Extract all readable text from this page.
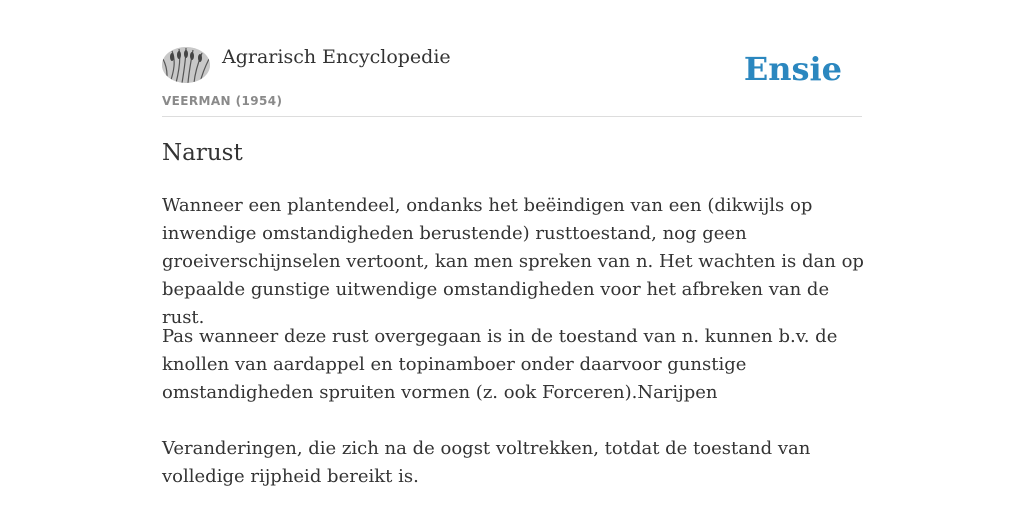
Agrarisch Encyclopedie
VEERMAN (1954)
Ensie
Narust

Wanneer een plantendeel, ondanks het beëindigen van een (dikwijls op inwendige omstandigheden berustende) rusttoestand, nog geen groeiverschijnselen vertoont, kan men spreken van n. Het wachten is dan op bepaalde gunstige uitwendige omstandigheden voor het afbreken van de rust.

Pas wanneer deze rust overgegaan is in de toestand van n. kunnen b.v. de knollen van aardappel en topinamboer onder daarvoor gunstige omstandigheden spruiten vormen (z. ook Forceren).Narijpen

Veranderingen, die zich na de oogst voltrekken, totdat de toestand van volledige rijpheid bereikt is.
